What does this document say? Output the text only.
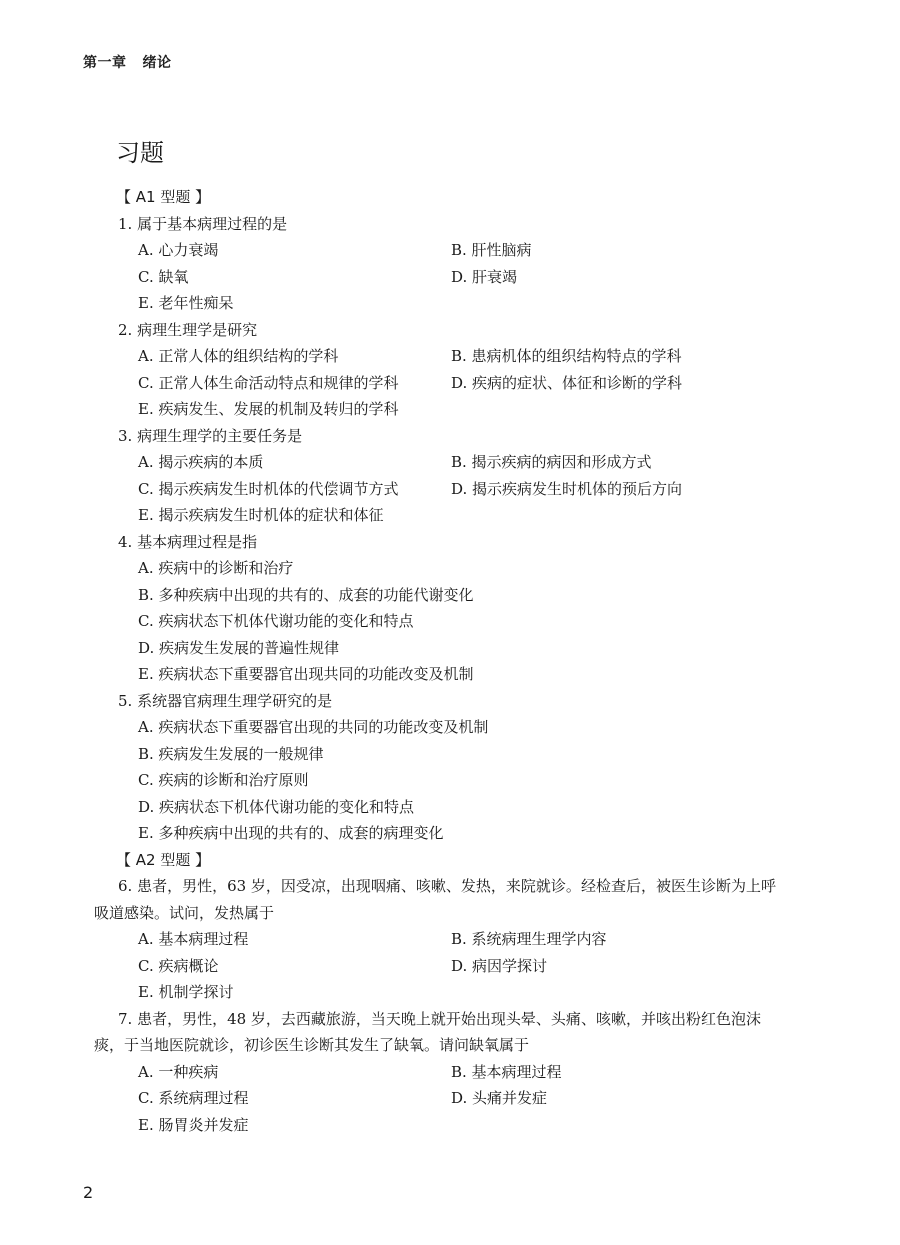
第一章 绪论
习题
【 A1 型题 】
1. 属于基本病理过程的是
A. 心力衰竭	B. 肝性脑病
C. 缺氧	D. 肝衰竭
E. 老年性痴呆
2. 病理生理学是研究
A. 正常人体的组织结构的学科	B. 患病机体的组织结构特点的学科
C. 正常人体生命活动特点和规律的学科	D. 疾病的症状、体征和诊断的学科
E. 疾病发生、发展的机制及转归的学科
3. 病理生理学的主要任务是
A. 揭示疾病的本质	B. 揭示疾病的病因和形成方式
C. 揭示疾病发生时机体的代偿调节方式	D. 揭示疾病发生时机体的预后方向
E. 揭示疾病发生时机体的症状和体征
4. 基本病理过程是指
A. 疾病中的诊断和治疗
B. 多种疾病中出现的共有的、成套的功能代谢变化
C. 疾病状态下机体代谢功能的变化和特点
D. 疾病发生发展的普遍性规律
E. 疾病状态下重要器官出现共同的功能改变及机制
5. 系统器官病理生理学研究的是
A. 疾病状态下重要器官出现的共同的功能改变及机制
B. 疾病发生发展的一般规律
C. 疾病的诊断和治疗原则
D. 疾病状态下机体代谢功能的变化和特点
E. 多种疾病中出现的共有的、成套的病理变化
【 A2 型题 】
6. 患者，男性，63 岁，因受凉，出现咽痛、咳嗽、发热，来院就诊。经检查后，被医生诊断为上呼
吸道感染。试问，发热属于
A. 基本病理过程	B. 系统病理生理学内容
C. 疾病概论	D. 病因学探讨
E. 机制学探讨
7. 患者，男性，48 岁，去西藏旅游，当天晚上就开始出现头晕、头痛、咳嗽，并咳出粉红色泡沫
痰，于当地医院就诊，初诊医生诊断其发生了缺氧。请问缺氧属于
A. 一种疾病	B. 基本病理过程
C. 系统病理过程	D. 头痛并发症
E. 肠胃炎并发症
2
